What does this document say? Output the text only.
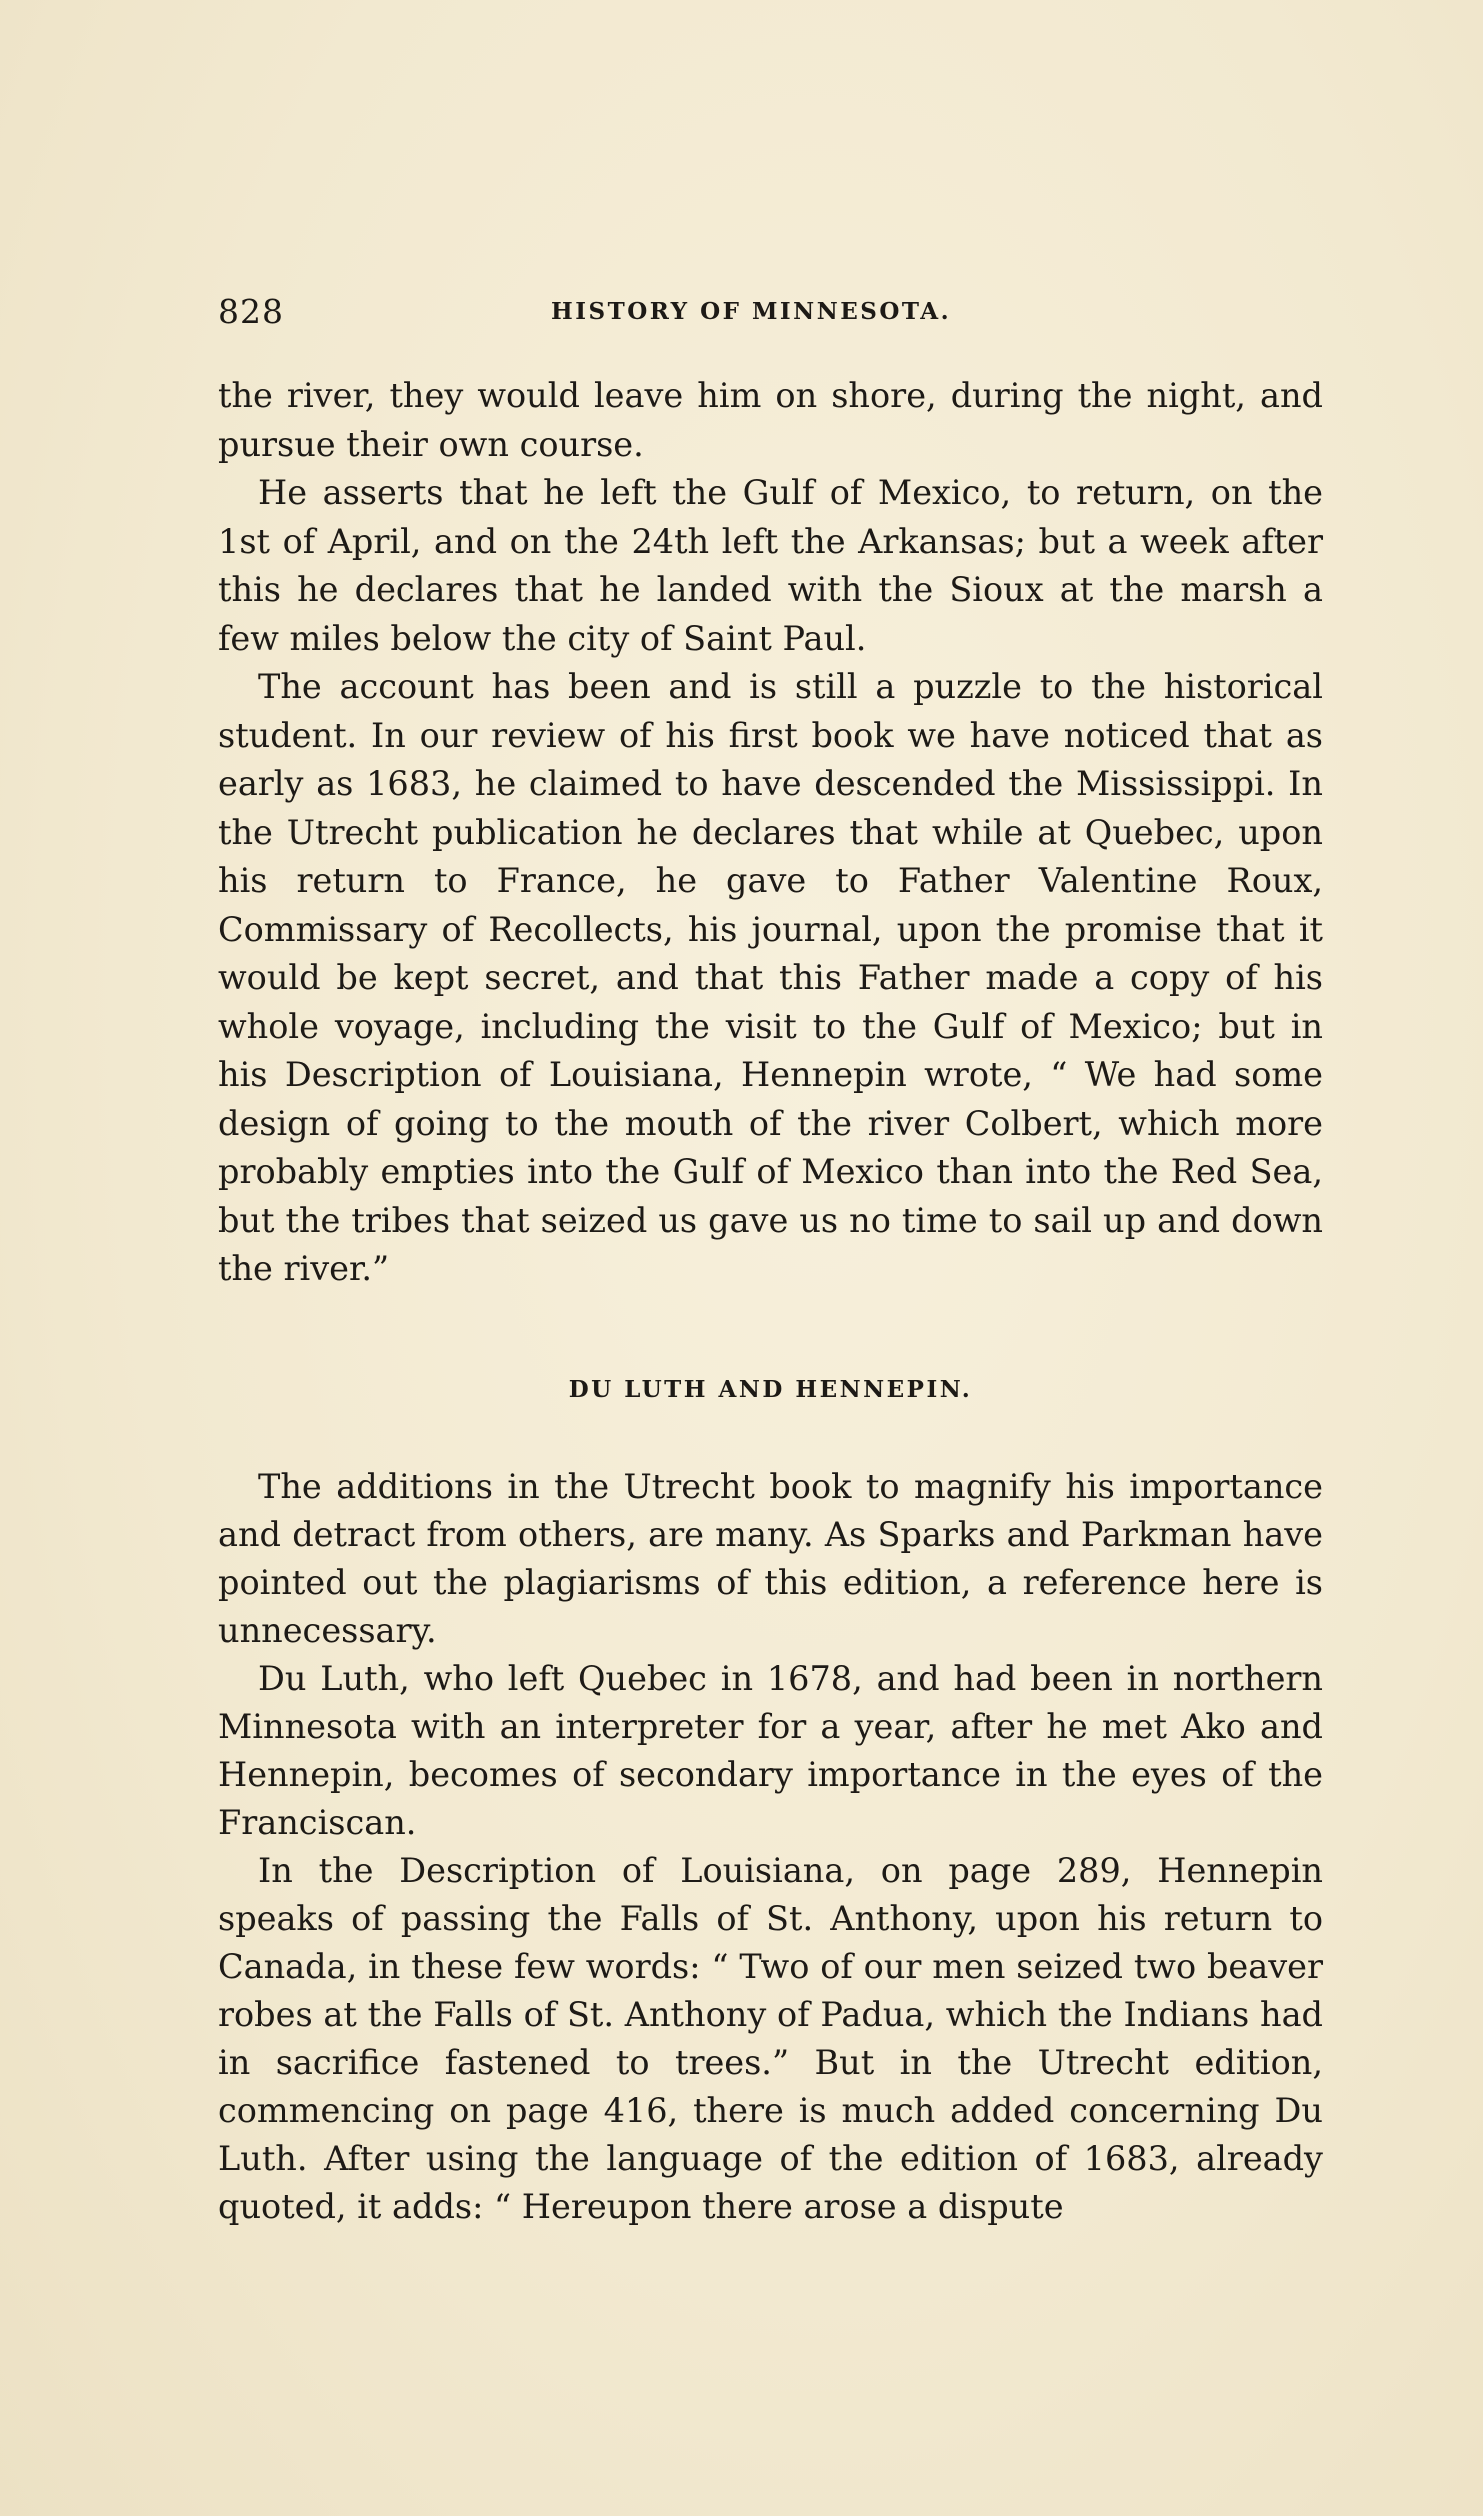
828	HISTORY OF MINNESOTA.

the river, they would leave him on shore, during the night, and pursue their own course.

He asserts that he left the Gulf of Mexico, to return, on the 1st of April, and on the 24th left the Arkansas; but a week after this he declares that he landed with the Sioux at the marsh a few miles below the city of Saint Paul.

The account has been and is still a puzzle to the historical student. In our review of his first book we have noticed that as early as 1683, he claimed to have descended the Mississippi. In the Utrecht publication he declares that while at Quebec, upon his return to France, he gave to Father Valentine Roux, Commissary of Recollects, his journal, upon the promise that it would be kept secret, and that this Father made a copy of his whole voyage, including the visit to the Gulf of Mexico; but in his Description of Louisiana, Hennepin wrote, “ We had some design of going to the mouth of the river Colbert, which more probably empties into the Gulf of Mexico than into the Red Sea, but the tribes that seized us gave us no time to sail up and down the river.”

DU LUTH AND HENNEPIN.

The additions in the Utrecht book to magnify his importance and detract from others, are many. As Sparks and Parkman have pointed out the plagiarisms of this edition, a reference here is unnecessary.

Du Luth, who left Quebec in 1678, and had been in northern Minnesota with an interpreter for a year, after he met Ako and Hennepin, becomes of secondary importance in the eyes of the Franciscan.

In the Description of Louisiana, on page 289, Hennepin speaks of passing the Falls of St. Anthony, upon his return to Canada, in these few words: “ Two of our men seized two beaver robes at the Falls of St. Anthony of Padua, which the Indians had in sacrifice fastened to trees.” But in the Utrecht edition, commencing on page 416, there is much added concerning Du Luth. After using the language of the edition of 1683, already quoted, it adds: “ Hereupon there arose a dispute
